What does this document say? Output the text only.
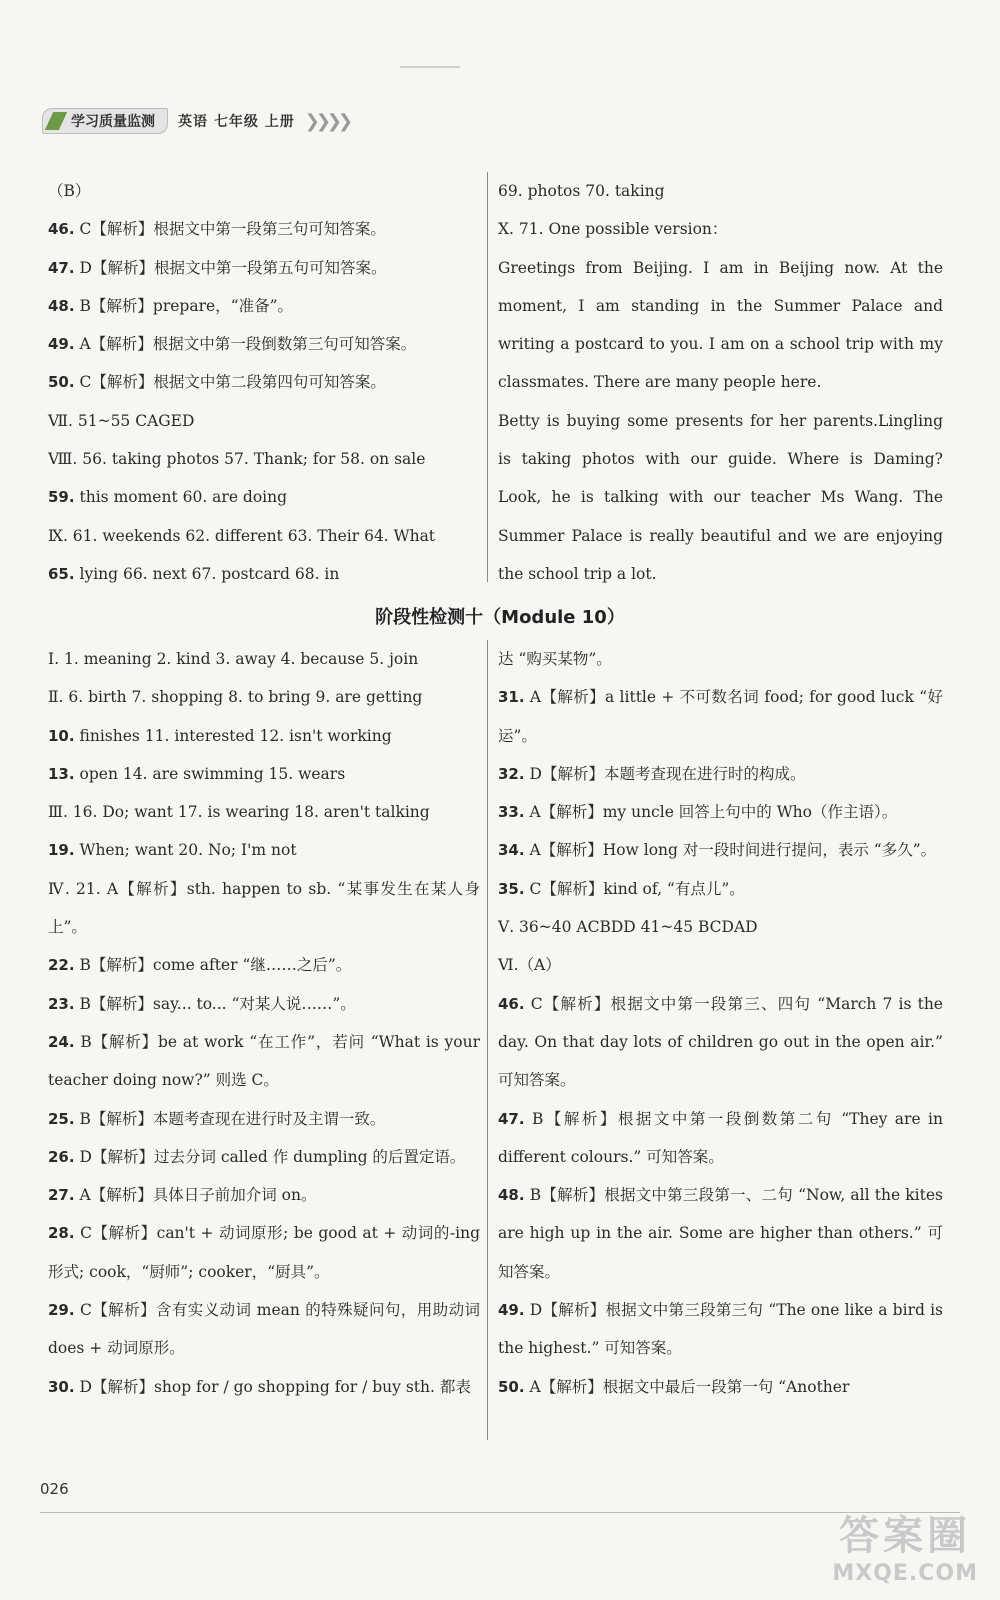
学习质量监测	英语 七年级 上册 ❯❯❯❯
（B）
46. C【解析】根据文中第一段第三句可知答案。
47. D【解析】根据文中第一段第五句可知答案。
48. B【解析】prepare，“准备”。
49. A【解析】根据文中第一段倒数第三句可知答案。
50. C【解析】根据文中第二段第四句可知答案。
Ⅶ. 51~55 CAGED
Ⅷ. 56. taking photos 57. Thank; for 58. on sale
59. this moment 60. are doing
Ⅸ. 61. weekends 62. different 63. Their 64. What
65. lying 66. next 67. postcard 68. in
69. photos 70. taking
X. 71. One possible version：
Greetings from Beijing. I am in Beijing now. At the moment, I am standing in the Summer Palace and writing a postcard to you. I am on a school trip with my classmates. There are many people here.
Betty is buying some presents for her parents.Lingling is taking photos with our guide. Where is Daming? Look, he is talking with our teacher Ms Wang. The Summer Palace is really beautiful and we are enjoying the school trip a lot.
阶段性检测十（Module 10）
Ⅰ. 1. meaning 2. kind 3. away 4. because 5. join
Ⅱ. 6. birth 7. shopping 8. to bring 9. are getting
10. finishes 11. interested 12. isn't working
13. open 14. are swimming 15. wears
Ⅲ. 16. Do; want 17. is wearing 18. aren't talking
19. When; want 20. No; I'm not
Ⅳ. 21. A【解析】sth. happen to sb. “某事发生在某人身上”。
22. B【解析】come after “继……之后”。
23. B【解析】say... to... “对某人说……”。
24. B【解析】be at work “在工作”，若问 “What is your teacher doing now?” 则选 C。
25. B【解析】本题考查现在进行时及主谓一致。
26. D【解析】过去分词 called 作 dumpling 的后置定语。
27. A【解析】具体日子前加介词 on。
28. C【解析】can't + 动词原形; be good at + 动词的-ing 形式; cook，“厨师”; cooker，“厨具”。
29. C【解析】含有实义动词 mean 的特殊疑问句，用助动词 does + 动词原形。
30. D【解析】shop for / go shopping for / buy sth. 都表
达 “购买某物”。
31. A【解析】a little + 不可数名词 food; for good luck “好运”。
32. D【解析】本题考查现在进行时的构成。
33. A【解析】my uncle 回答上句中的 Who（作主语）。
34. A【解析】How long 对一段时间进行提问，表示 “多久”。
35. C【解析】kind of, “有点儿”。
Ⅴ. 36~40 ACBDD 41~45 BCDAD
Ⅵ.（A）
46. C【解析】根据文中第一段第三、四句 “March 7 is the day. On that day lots of children go out in the open air.” 可知答案。
47. B【解析】根据文中第一段倒数第二句 “They are in different colours.” 可知答案。
48. B【解析】根据文中第三段第一、二句 “Now, all the kites are high up in the air. Some are higher than others.” 可知答案。
49. D【解析】根据文中第三段第三句 “The one like a bird is the highest.” 可知答案。
50. A【解析】根据文中最后一段第一句 “Another
026
答案圈
MXQE.COM
